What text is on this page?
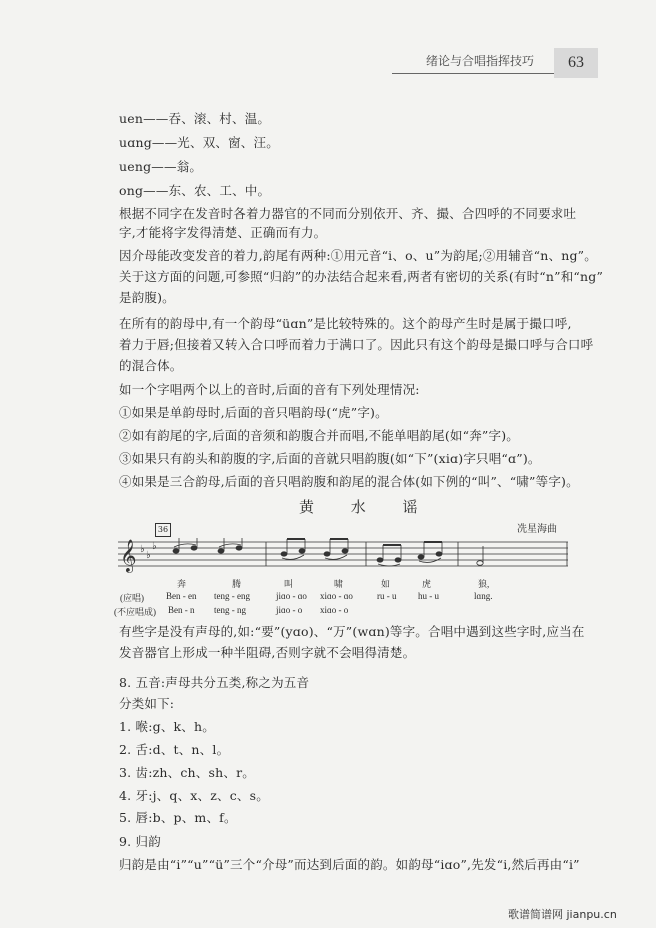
绪论与合唱指挥技巧	63
uen——吞、滚、村、温。
uɑng——光、双、窗、汪。
ueng——翁。
ong——东、农、工、中。
根据不同字在发音时各着力器官的不同而分别依开、齐、撮、合四呼的不同要求吐
字,才能将字发得清楚、正确而有力。
因介母能改变发音的着力,韵尾有两种:①用元音“i、o、u”为韵尾;②用辅音“n、ng”。
关于这方面的问题,可参照“归韵”的办法结合起来看,两者有密切的关系(有时“n”和“ng”
是韵腹)。
在所有的韵母中,有一个韵母“üɑn”是比较特殊的。这个韵母产生时是属于撮口呼,
着力于唇;但接着又转入合口呼而着力于满口了。因此只有这个韵母是撮口呼与合口呼
的混合体。
如一个字唱两个以上的音时,后面的音有下列处理情况:
①如果是单韵母时,后面的音只唱韵母(“虎”字)。
②如有韵尾的字,后面的音须和韵腹合并而唱,不能单唱韵尾(如“奔”字)。
③如果只有韵头和韵腹的字,后面的音就只唱韵腹(如“下”(xiɑ)字只唱“ɑ”)。
④如果是三合韵母,后面的音只唱韵腹和韵尾的混合体(如下例的“叫”、“啸”等字)。
黄 水 谣
冼星海曲
36
𝄞 ♭
♭
♭
奔	腾	叫	啸	如	虎	狼,
(应唱) Ben - en teng - eng	jiɑo - ɑo xiɑo - ɑo	ru - u hu - u	lɑng.
(不应唱成) Ben - n teng - ng	jiɑo - o xiɑo - o
有些字是没有声母的,如:“要”(yɑo)、“万”(wɑn)等字。合唱中遇到这些字时,应当在
发音器官上形成一种半阻碍,否则字就不会唱得清楚。
8. 五音:声母共分五类,称之为五音
分类如下:
1. 喉:g、k、h。
2. 舌:d、t、n、l。
3. 齿:zh、ch、sh、r。
4. 牙:j、q、x、z、c、s。
5. 唇:b、p、m、f。
9. 归韵
归韵是由“i”“u”“ü”三个“介母”而达到后面的韵。如韵母“iɑo”,先发“i,然后再由“i”
歌谱简谱网 jianpu.cn
